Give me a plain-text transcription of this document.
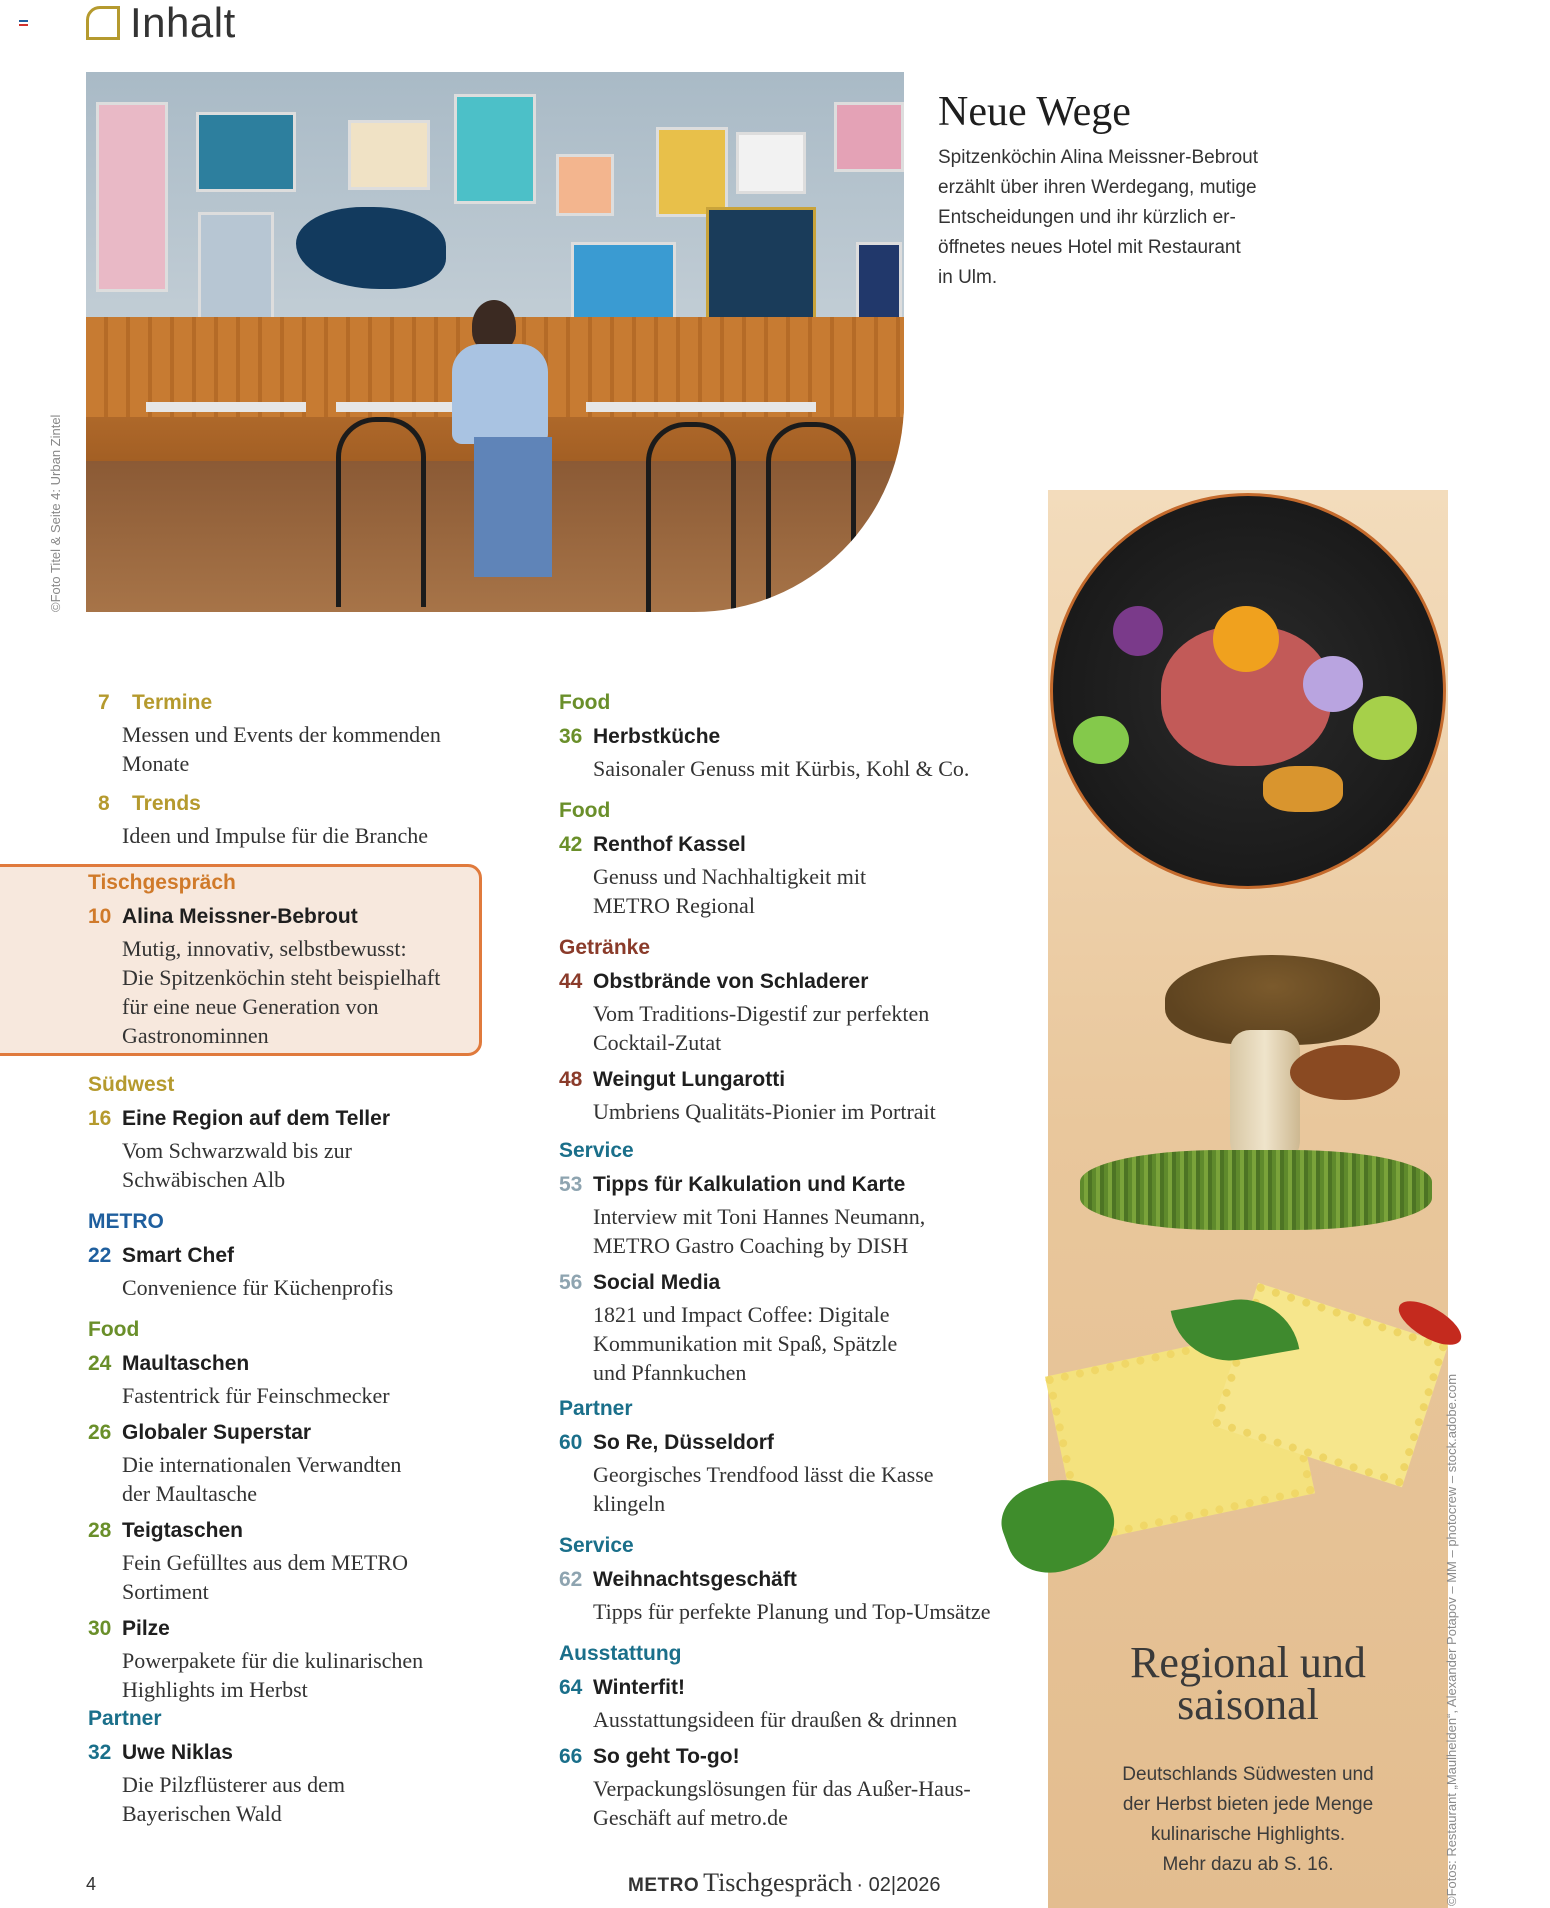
Inhalt
©Foto Titel & Seite 4: Urban Zintel
Neue Wege
Spitzenköchin Alina Meissner-Bebrout
erzählt über ihren Werdegang, mutige
Entscheidungen und ihr kürzlich er-
öffnetes neues Hotel mit Restaurant
in Ulm.
7	Termine
Messen und Events der kommenden
Monate
8	Trends
Ideen und Impulse für die Branche
Tischgespräch
10 Alina Meissner-Bebrout
Mutig, innovativ, selbstbewusst:
Die Spitzenköchin steht beispielhaft
für eine neue Generation von
Gastronominnen
Südwest
16 Eine Region auf dem Teller
Vom Schwarzwald bis zur
Schwäbischen Alb
METRO
22 Smart Chef
Convenience für Küchenprofis
Food
24 Maultaschen
Fastentrick für Feinschmecker
26 Globaler Superstar
Die internationalen Verwandten
der Maultasche
28 Teigtaschen
Fein Gefülltes aus dem METRO
Sortiment
30 Pilze
Powerpakete für die kulinarischen
Highlights im Herbst
Partner
32 Uwe Niklas
Die Pilzflüsterer aus dem
Bayerischen Wald
Food
36 Herbstküche
Saisonaler Genuss mit Kürbis, Kohl & Co.
Food
42 Renthof Kassel
Genuss und Nachhaltigkeit mit
METRO Regional
Getränke
44 Obstbrände von Schladerer
Vom Traditions-Digestif zur perfekten
Cocktail-Zutat
48 Weingut Lungarotti
Umbriens Qualitäts-Pionier im Portrait
Service
53 Tipps für Kalkulation und Karte
Interview mit Toni Hannes Neumann,
METRO Gastro Coaching by DISH
56 Social Media
1821 und Impact Coffee: Digitale
Kommunikation mit Spaß, Spätzle
und Pfannkuchen
Partner
60 So Re, Düsseldorf
Georgisches Trendfood lässt die Kasse
klingeln
Service
62 Weihnachtsgeschäft
Tipps für perfekte Planung und Top-Umsätze
Ausstattung
64 Winterfit!
Ausstattungsideen für draußen & drinnen
66 So geht To-go!
Verpackungslösungen für das Außer-Haus-
Geschäft auf metro.de
Regional und
saisonal
Deutschlands Südwesten und
der Herbst bieten jede Menge
kulinarische Highlights.
Mehr dazu ab S. 16.	©Fotos: Restaurant „Maulhelden“, Alexander Potapov – MM – photocrew – stock.adobe.com
4	METRO Tischgespräch · 02|2026
